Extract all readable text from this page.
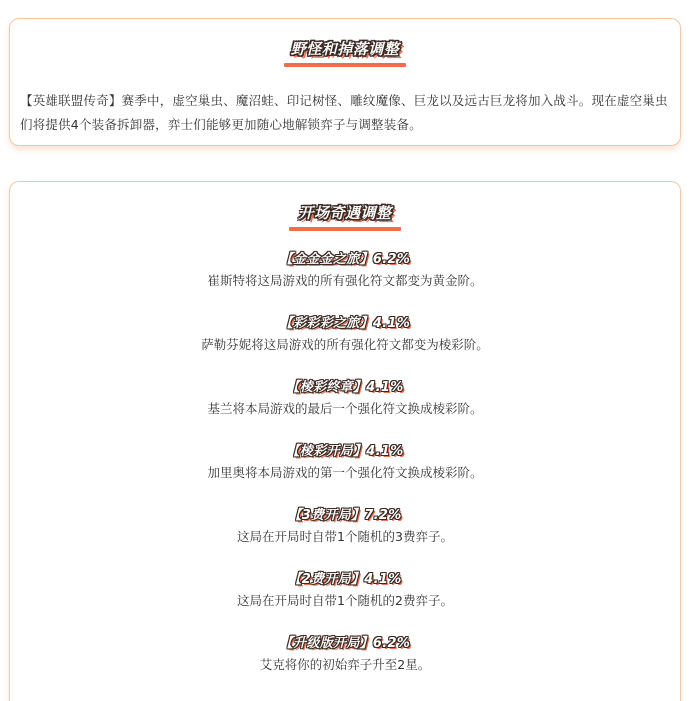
野怪和掉落调整
【英雄联盟传奇】赛季中，虚空巢虫、魔沼蛙、印记树怪、雕纹魔像、巨龙以及远古巨龙将加入战斗。现在虚空巢虫们将提供4个装备拆卸器，弈士们能够更加随心地解锁弈子与调整装备。
开场奇遇调整
【金金金之旅】6.2%
崔斯特将这局游戏的所有强化符文都变为黄金阶。
【彩彩彩之旅】4.1%
萨勒芬妮将这局游戏的所有强化符文都变为棱彩阶。
【棱彩终章】4.1%
基兰将本局游戏的最后一个强化符文换成棱彩阶。
【棱彩开局】4.1%
加里奥将本局游戏的第一个强化符文换成棱彩阶。
【3费开局】7.2%
这局在开局时自带1个随机的3费弈子。
【2费开局】4.1%
这局在开局时自带1个随机的2费弈子。
【升级版开局】6.2%
艾克将你的初始弈子升至2星。
